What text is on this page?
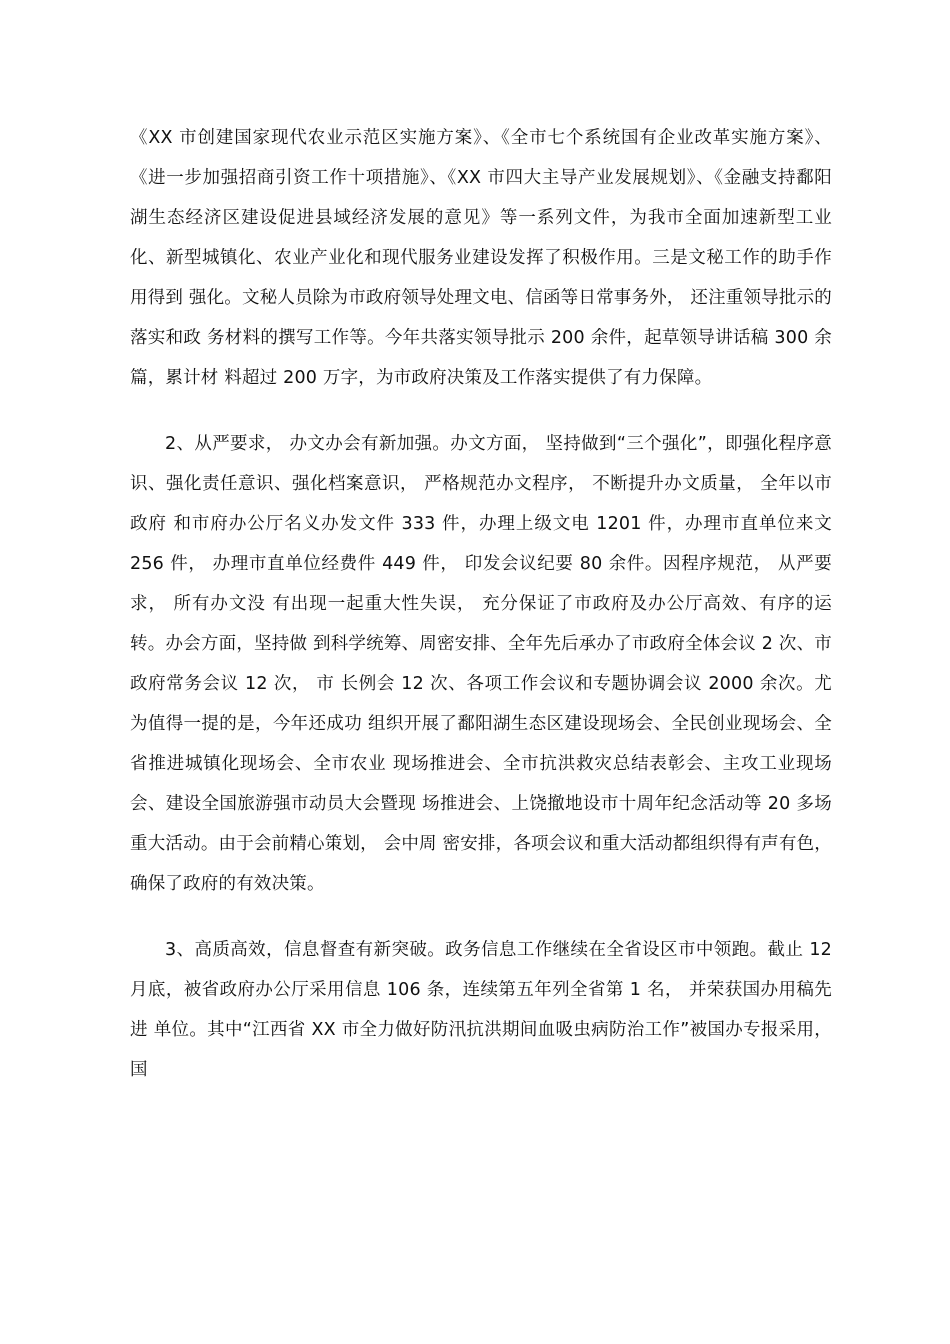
《XX 市创建国家现代农业示范区实施方案》、《全市七个系统国有企业改革实施方案》、《进一步加强招商引资工作十项措施》、《XX 市四大主导产业发展规划》、《金融支持鄱阳湖生态经济区建设促进县域经济发展的意见》等一系列文件，为我市全面加速新型工业化、新型城镇化、农业产业化和现代服务业建设发挥了积极作用。三是文秘工作的助手作用得到 强化。文秘人员除为市政府领导处理文电、信函等日常事务外， 还注重领导批示的落实和政 务材料的撰写工作等。今年共落实领导批示 200 余件，起草领导讲话稿 300 余篇，累计材 料超过 200 万字，为市政府决策及工作落实提供了有力保障。

2、从严要求， 办文办会有新加强。办文方面， 坚持做到“三个强化”，即强化程序意 识、强化责任意识、强化档案意识， 严格规范办文程序， 不断提升办文质量， 全年以市政府 和市府办公厅名义办发文件 333 件，办理上级文电 1201 件，办理市直单位来文 256 件， 办理市直单位经费件 449 件， 印发会议纪要 80 余件。因程序规范， 从严要求， 所有办文没 有出现一起重大性失误， 充分保证了市政府及办公厅高效、有序的运转。办会方面，坚持做 到科学统筹、周密安排、全年先后承办了市政府全体会议 2 次、市政府常务会议 12 次， 市 长例会 12 次、各项工作会议和专题协调会议 2000 余次。尤为值得一提的是，今年还成功 组织开展了鄱阳湖生态区建设现场会、全民创业现场会、全省推进城镇化现场会、全市农业 现场推进会、全市抗洪救灾总结表彰会、主攻工业现场会、建设全国旅游强市动员大会暨现 场推进会、上饶撤地设市十周年纪念活动等 20 多场重大活动。由于会前精心策划， 会中周 密安排，各项会议和重大活动都组织得有声有色，确保了政府的有效决策。

3、高质高效，信息督查有新突破。政务信息工作继续在全省设区市中领跑。截止 12 月底，被省政府办公厅采用信息 106 条，连续第五年列全省第 1 名， 并荣获国办用稿先进 单位。其中“江西省 XX 市全力做好防汛抗洪期间血吸虫病防治工作”被国办专报采用，国
